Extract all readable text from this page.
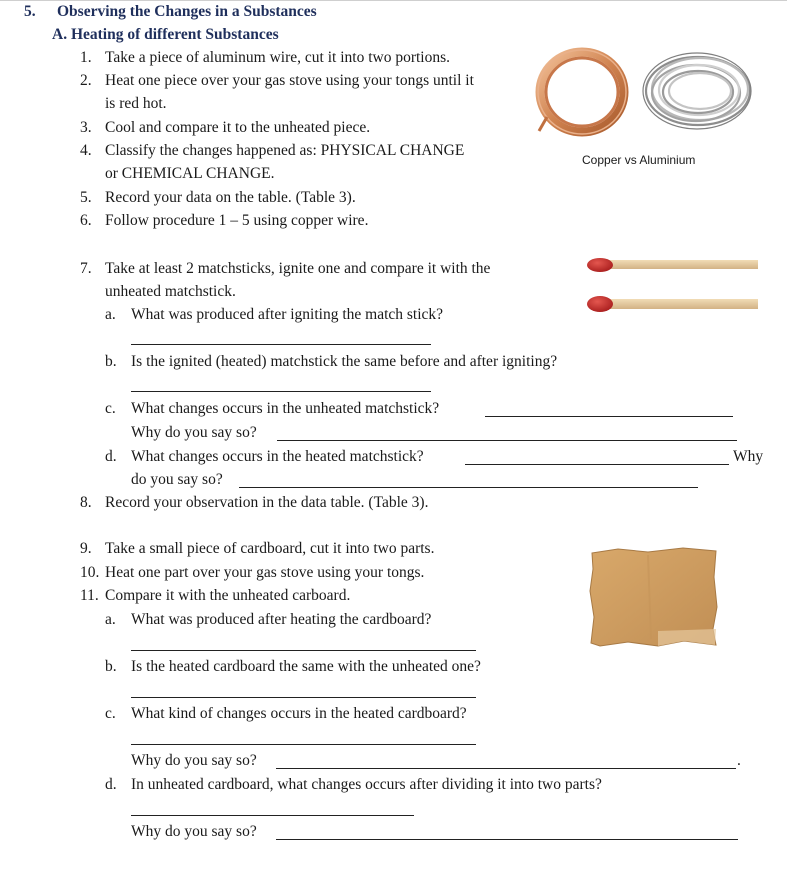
5. Observing the Changes in a Substances
A. Heating of different Substances
1. Take a piece of aluminum wire, cut it into two portions.
2. Heat one piece over your gas stove using your tongs until it
is red hot.
3. Cool and compare it to the unheated piece.
4. Classify the changes happened as: PHYSICAL CHANGE
or CHEMICAL CHANGE.
5. Record your data on the table. (Table 3).
6. Follow procedure 1 – 5 using copper wire.
Copper vs Aluminium
7. Take at least 2 matchsticks, ignite one and compare it with the
unheated matchstick.
a. What was produced after igniting the match stick?
b. Is the ignited (heated) matchstick the same before and after igniting?
c. What changes occurs in the unheated matchstick?
Why do you say so?
d. What changes occurs in the heated matchstick?	Why
do you say so?
8. Record your observation in the data table. (Table 3).
9. Take a small piece of cardboard, cut it into two parts.
10. Heat one part over your gas stove using your tongs.
11. Compare it with the unheated carboard.
a. What was produced after heating the cardboard?
b. Is the heated cardboard the same with the unheated one?
c. What kind of changes occurs in the heated cardboard?
Why do you say so?	.
d. In unheated cardboard, what changes occurs after dividing it into two parts?
Why do you say so?
